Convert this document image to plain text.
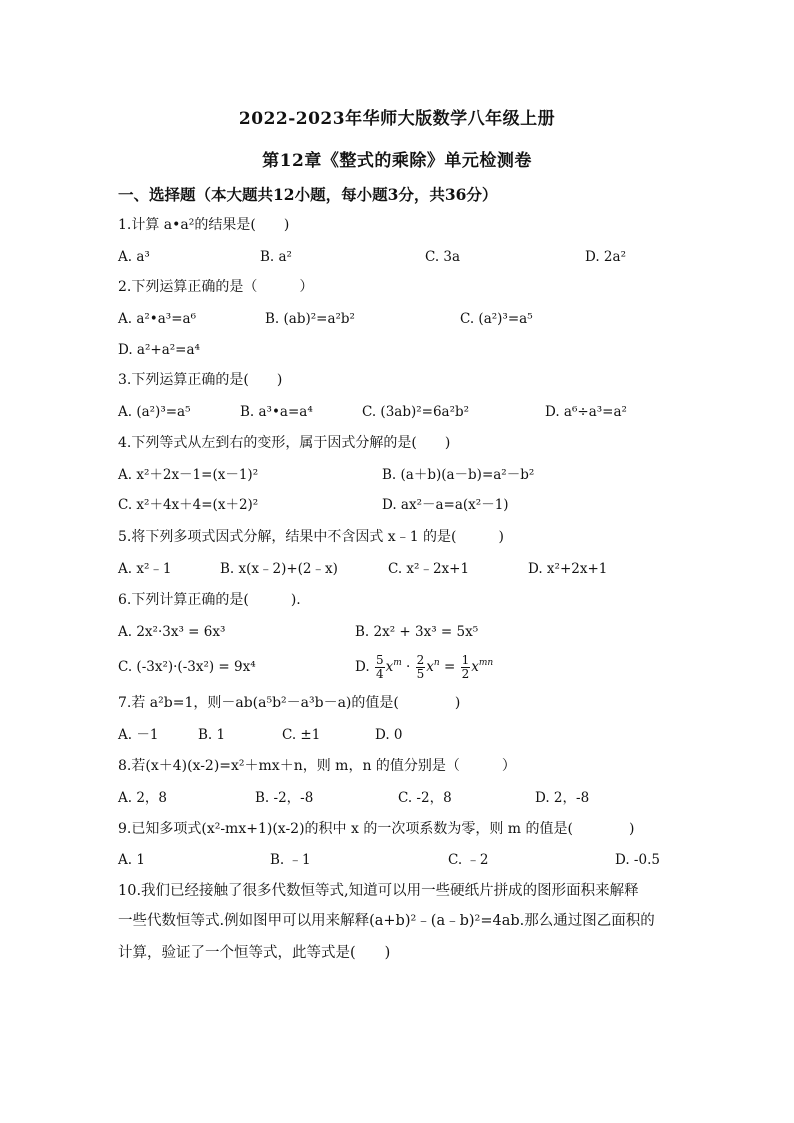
2022-2023年华师大版数学八年级上册
第12章《整式的乘除》单元检测卷
一、选择题（本大题共12小题，每小题3分，共36分）
1.计算 a•a²的结果是(　　)
A. a³	B. a²	C. 3a	D. 2a²
2.下列运算正确的是（　　　）
A. a²•a³=a⁶	B. (ab)²=a²b²	C. (a²)³=a⁵
D. a²+a²=a⁴
3.下列运算正确的是(　　)
A. (a²)³=a⁵	B. a³•a=a⁴	C. (3ab)²=6a²b²	D. a⁶÷a³=a²
4.下列等式从左到右的变形，属于因式分解的是(　　)
A. x²＋2x－1=(x－1)²	B. (a＋b)(a－b)=a²－b²
C. x²＋4x＋4=(x＋2)²	D. ax²－a=a(x²－1)
5.将下列多项式因式分解，结果中不含因式 x﹣1 的是(　　　)
A. x²﹣1	B. x(x﹣2)+(2﹣x)	C. x²﹣2x+1	D. x²+2x+1
6.下列计算正确的是(　　　).
A. 2x²·3x³ = 6x³	B. 2x² + 3x³ = 5x⁵
C. (-3x²)·(-3x²) = 9x⁴	D. $\frac{5}{4} x^m \cdot \frac{2}{5} x^n = \frac{1}{2} x^{mn}$
7.若 a²b=1，则－ab(a⁵b²－a³b－a)的值是(　　　　)
A. －1	B. 1	C. ±1	D. 0
8.若(x＋4)(x-2)=x²＋mx＋n，则 m，n 的值分别是（　　　）
A. 2，8	B. -2，-8	C. -2，8	D. 2，-8
9.已知多项式(x²-mx+1)(x-2)的积中 x 的一次项系数为零，则 m 的值是(　　　　)
A. 1	B. ﹣1	C. ﹣2	D. -0.5
10.我们已经接触了很多代数恒等式,知道可以用一些硬纸片拼成的图形面积来解释
一些代数恒等式.例如图甲可以用来解释(a+b)²﹣(a﹣b)²=4ab.那么通过图乙面积的
计算，验证了一个恒等式，此等式是(　　)
